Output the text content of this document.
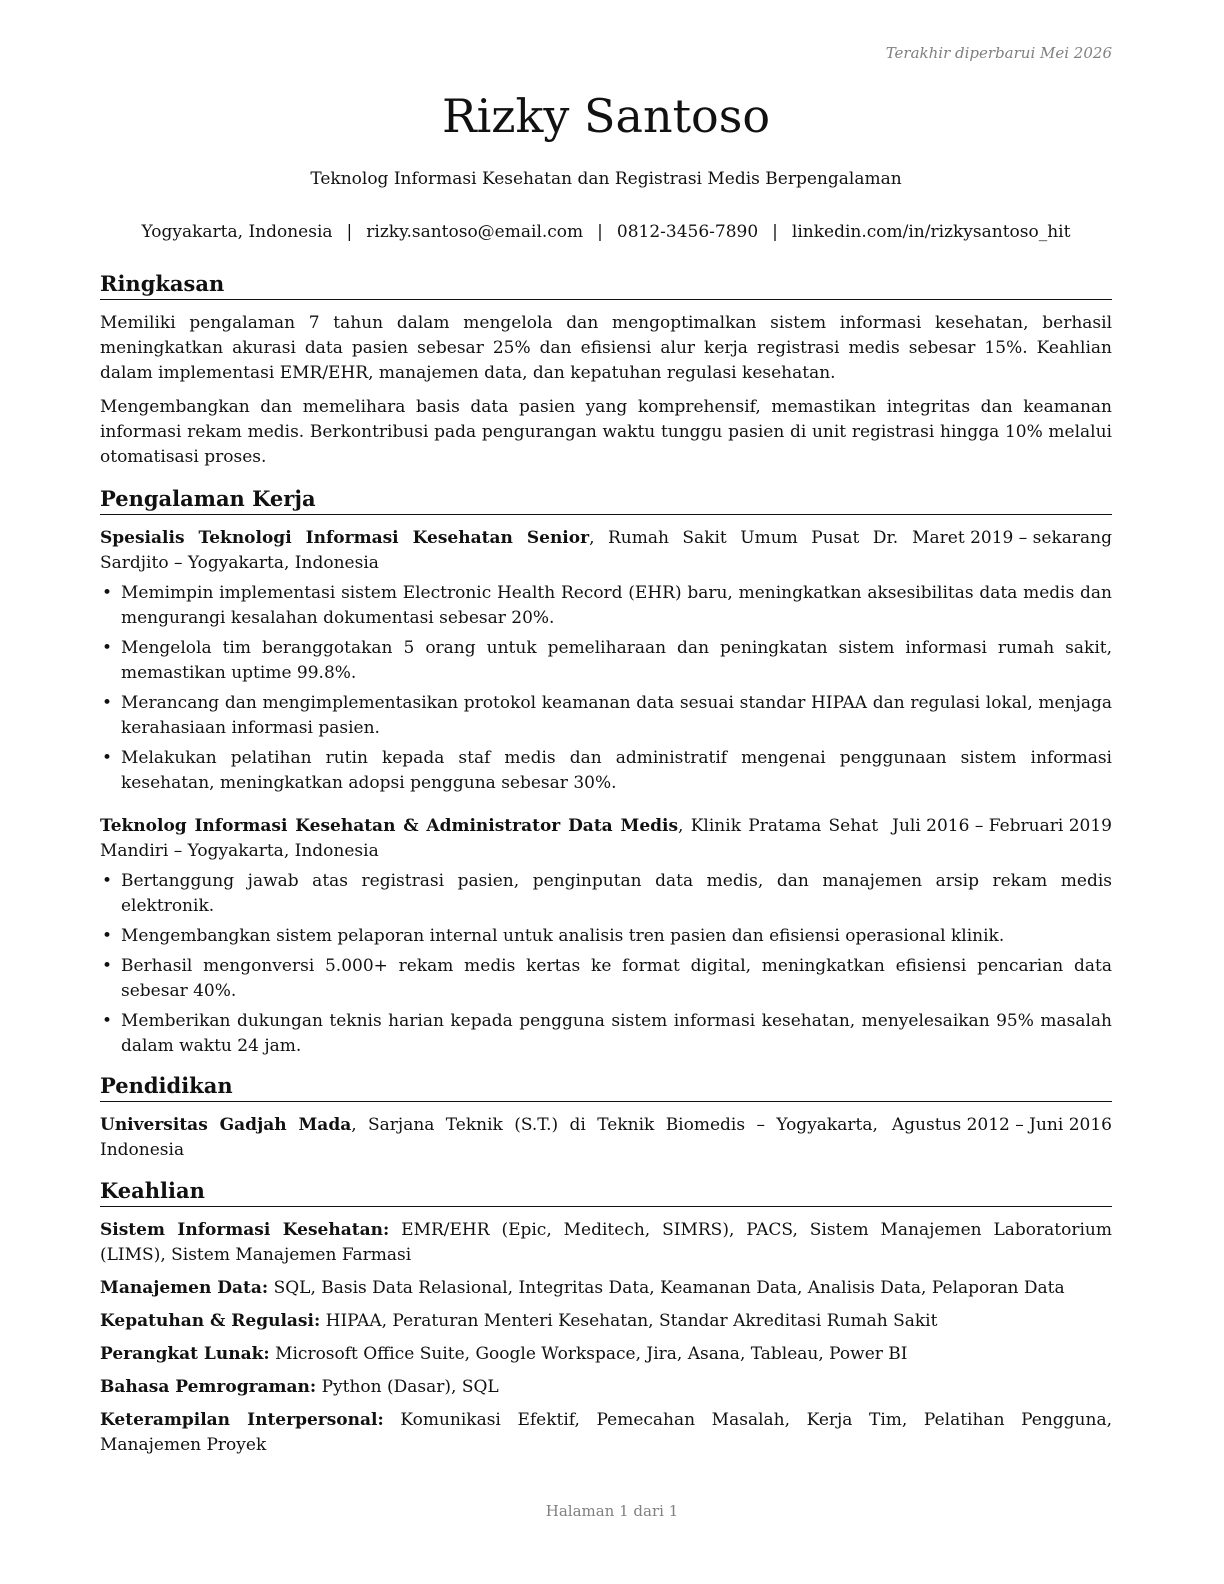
Terakhir diperbarui Mei 2026
Rizky Santoso
Teknolog Informasi Kesehatan dan Registrasi Medis Berpengalaman
Yogyakarta, Indonesia | rizky.santoso@email.com | 0812-3456-7890 | linkedin.com/in/rizkysantoso_hit
Ringkasan

Memiliki pengalaman 7 tahun dalam mengelola dan mengoptimalkan sistem informasi kesehatan, berhasil meningkatkan akurasi data pasien sebesar 25% dan efisiensi alur kerja registrasi medis sebesar 15%. Keahlian dalam implementasi EMR/EHR, manajemen data, dan kepatuhan regulasi kesehatan.

Mengembangkan dan memelihara basis data pasien yang komprehensif, memastikan integritas dan keamanan informasi rekam medis. Berkontribusi pada pengurangan waktu tunggu pasien di unit registrasi hingga 10% melalui otomatisasi proses.

Pengalaman Kerja
Spesialis Teknologi Informasi Kesehatan Senior, Rumah Sakit Umum Pusat Dr. Sardjito – Yogyakarta, Indonesia
Maret 2019 – sekarang
• Memimpin implementasi sistem Electronic Health Record (EHR) baru, meningkatkan aksesibilitas data medis dan mengurangi kesalahan dokumentasi sebesar 20%.
• Mengelola tim beranggotakan 5 orang untuk pemeliharaan dan peningkatan sistem informasi rumah sakit, memastikan uptime 99.8%.
• Merancang dan mengimplementasikan protokol keamanan data sesuai standar HIPAA dan regulasi lokal, menjaga kerahasiaan informasi pasien.
• Melakukan pelatihan rutin kepada staf medis dan administratif mengenai penggunaan sistem informasi kesehatan, meningkatkan adopsi pengguna sebesar 30%.
Teknolog Informasi Kesehatan & Administrator Data Medis, Klinik Pratama Sehat Mandiri – Yogyakarta, Indonesia
Juli 2016 – Februari 2019
• Bertanggung jawab atas registrasi pasien, penginputan data medis, dan manajemen arsip rekam medis elektronik.
• Mengembangkan sistem pelaporan internal untuk analisis tren pasien dan efisiensi operasional klinik.
• Berhasil mengonversi 5.000+ rekam medis kertas ke format digital, meningkatkan efisiensi pencarian data sebesar 40%.
• Memberikan dukungan teknis harian kepada pengguna sistem informasi kesehatan, menyelesaikan 95% masalah dalam waktu 24 jam.
Pendidikan
Universitas Gadjah Mada, Sarjana Teknik (S.T.) di Teknik Biomedis – Yogyakarta, Indonesia
Agustus 2012 – Juni 2016
Keahlian

Sistem Informasi Kesehatan: EMR/EHR (Epic, Meditech, SIMRS), PACS, Sistem Manajemen Laboratorium (LIMS), Sistem Manajemen Farmasi

Manajemen Data: SQL, Basis Data Relasional, Integritas Data, Keamanan Data, Analisis Data, Pelaporan Data

Kepatuhan & Regulasi: HIPAA, Peraturan Menteri Kesehatan, Standar Akreditasi Rumah Sakit

Perangkat Lunak: Microsoft Office Suite, Google Workspace, Jira, Asana, Tableau, Power BI

Bahasa Pemrograman: Python (Dasar), SQL

Keterampilan Interpersonal: Komunikasi Efektif, Pemecahan Masalah, Kerja Tim, Pelatihan Pengguna, Manajemen Proyek

Halaman 1 dari 1
